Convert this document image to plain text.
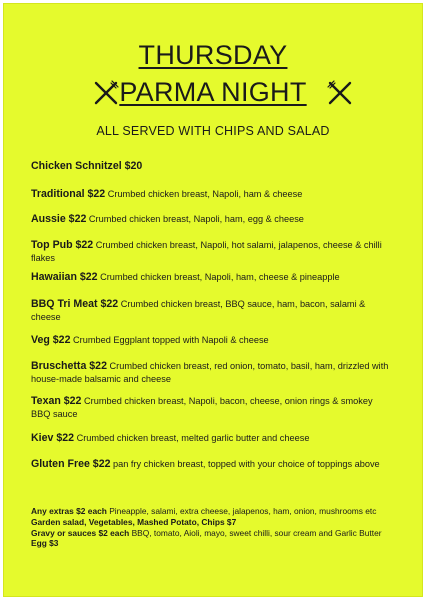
THURSDAY
PARMA NIGHT
ALL SERVED WITH CHIPS AND SALAD
Chicken Schnitzel $20
Traditional $22 Crumbed chicken breast, Napoli, ham & cheese
Aussie $22 Crumbed chicken breast, Napoli, ham, egg & cheese
Top Pub $22 Crumbed chicken breast, Napoli, hot salami, jalapenos, cheese & chilli flakes
Hawaiian $22 Crumbed chicken breast, Napoli, ham, cheese & pineapple
BBQ Tri Meat $22 Crumbed chicken breast, BBQ sauce, ham, bacon, salami & cheese
Veg $22 Crumbed Eggplant topped with Napoli & cheese
Bruschetta $22 Crumbed chicken breast, red onion, tomato, basil, ham, drizzled with house-made balsamic and cheese
Texan $22 Crumbed chicken breast, Napoli, bacon, cheese, onion rings & smokey BBQ sauce
Kiev $22 Crumbed chicken breast, melted garlic butter and cheese
Gluten Free $22 pan fry chicken breast, topped with your choice of toppings above
Any extras $2 each Pineapple, salami, extra cheese, jalapenos, ham, onion, mushrooms etc
Garden salad, Vegetables, Mashed Potato, Chips $7
Gravy or sauces $2 each BBQ, tomato, Aioli, mayo, sweet chilli, sour cream and Garlic Butter
Egg $3
